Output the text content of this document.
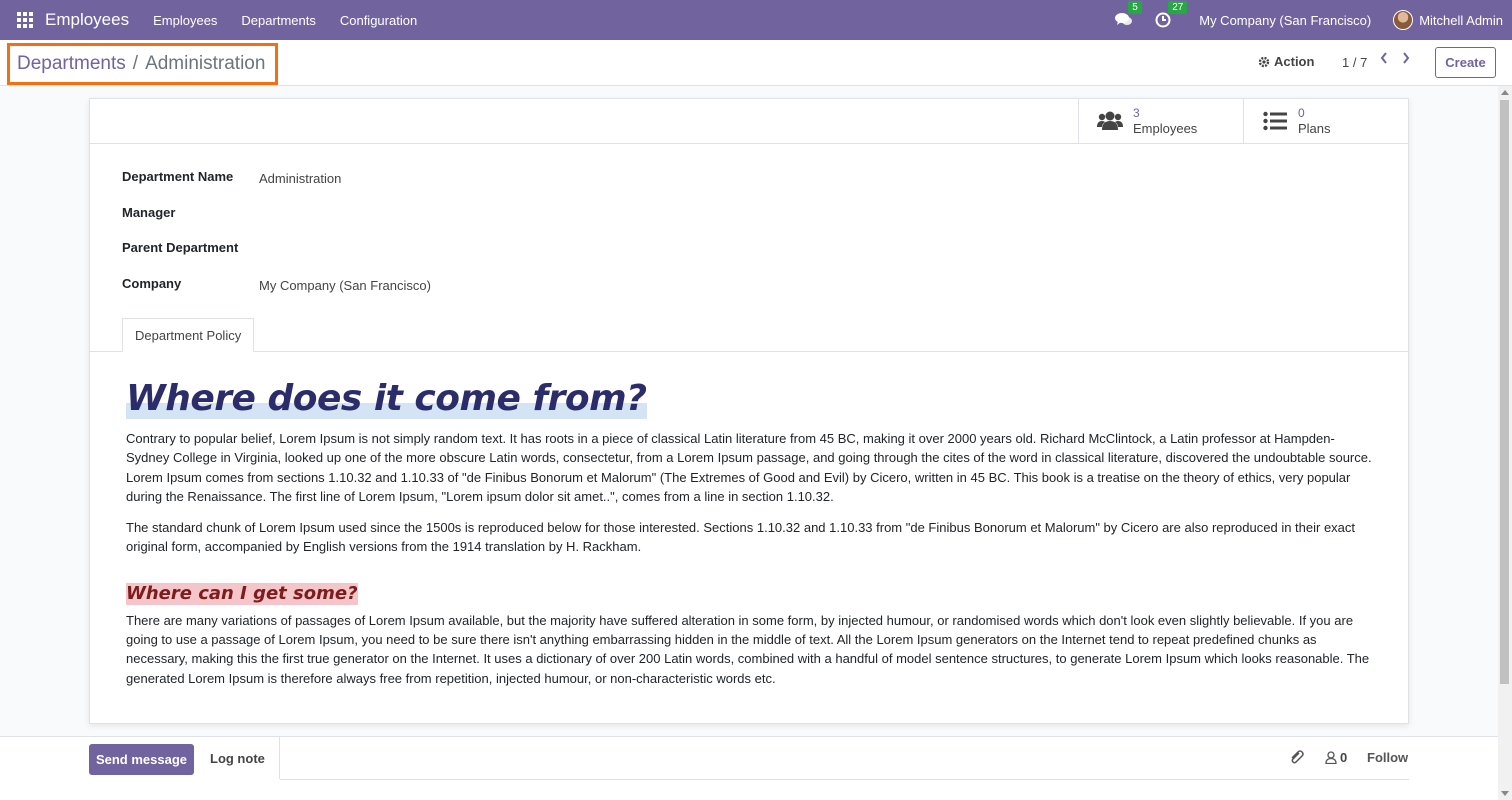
Employees Employees Departments Configuration
5	27
My Company (San Francisco)	Mitchell Admin
Departments / Administration	Action 1 / 7	Create
3
Employees
0
Plans
Department Name Administration
Manager
Parent Department
Company	My Company (San Francisco)
Department Policy
Where does it come from?

Contrary to popular belief, Lorem Ipsum is not simply random text. It has roots in a piece of classical Latin literature from 45 BC, making it over 2000 years old. Richard McClintock, a Latin professor at Hampden-Sydney College in Virginia, looked up one of the more obscure Latin words, consectetur, from a Lorem Ipsum passage, and going through the cites of the word in classical literature, discovered the undoubtable source. Lorem Ipsum comes from sections 1.10.32 and 1.10.33 of "de Finibus Bonorum et Malorum" (The Extremes of Good and Evil) by Cicero, written in 45 BC. This book is a treatise on the theory of ethics, very popular during the Renaissance. The first line of Lorem Ipsum, "Lorem ipsum dolor sit amet..", comes from a line in section 1.10.32.

The standard chunk of Lorem Ipsum used since the 1500s is reproduced below for those interested. Sections 1.10.32 and 1.10.33 from "de Finibus Bonorum et Malorum" by Cicero are also reproduced in their exact original form, accompanied by English versions from the 1914 translation by H. Rackham.

Where can I get some?

There are many variations of passages of Lorem Ipsum available, but the majority have suffered alteration in some form, by injected humour, or randomised words which don't look even slightly believable. If you are going to use a passage of Lorem Ipsum, you need to be sure there isn't anything embarrassing hidden in the middle of text. All the Lorem Ipsum generators on the Internet tend to repeat predefined chunks as necessary, making this the first true generator on the Internet. It uses a dictionary of over 200 Latin words, combined with a handful of model sentence structures, to generate Lorem Ipsum which looks reasonable. The generated Lorem Ipsum is therefore always free from repetition, injected humour, or non-characteristic words etc.

Send message	Log note	0 Follow
